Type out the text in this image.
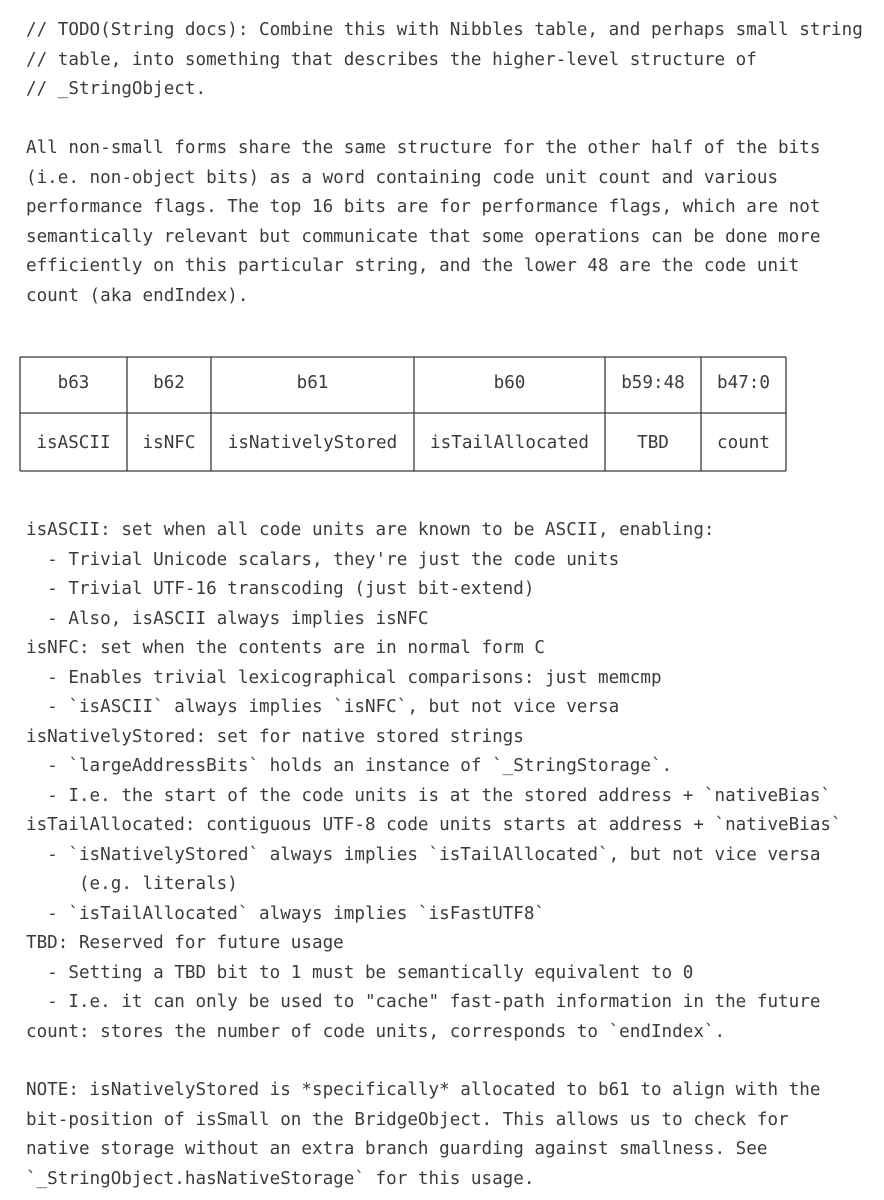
// TODO(String docs): Combine this with Nibbles table, and perhaps small string
// table, into something that describes the higher-level structure of
// _StringObject.
All non-small forms share the same structure for the other half of the bits
(i.e. non-object bits) as a word containing code unit count and various
performance flags. The top 16 bits are for performance flags, which are not
semantically relevant but communicate that some operations can be done more
efficiently on this particular string, and the lower 48 are the code unit
count (aka endIndex).
b63	b62	b61	b60	b59:48	b47:0
isASCII	isNFC	isNativelyStored	isTailAllocated	TBD	count
isASCII: set when all code units are known to be ASCII, enabling:
- Trivial Unicode scalars, they're just the code units
- Trivial UTF-16 transcoding (just bit-extend)
- Also, isASCII always implies isNFC
isNFC: set when the contents are in normal form C
- Enables trivial lexicographical comparisons: just memcmp
- `isASCII` always implies `isNFC`, but not vice versa
isNativelyStored: set for native stored strings
- `largeAddressBits` holds an instance of `_StringStorage`.
- I.e. the start of the code units is at the stored address + `nativeBias`
isTailAllocated: contiguous UTF-8 code units starts at address + `nativeBias`
- `isNativelyStored` always implies `isTailAllocated`, but not vice versa
(e.g. literals)
- `isTailAllocated` always implies `isFastUTF8`
TBD: Reserved for future usage
- Setting a TBD bit to 1 must be semantically equivalent to 0
- I.e. it can only be used to "cache" fast-path information in the future
count: stores the number of code units, corresponds to `endIndex`.
NOTE: isNativelyStored is *specifically* allocated to b61 to align with the
bit-position of isSmall on the BridgeObject. This allows us to check for
native storage without an extra branch guarding against smallness. See
`_StringObject.hasNativeStorage` for this usage.
